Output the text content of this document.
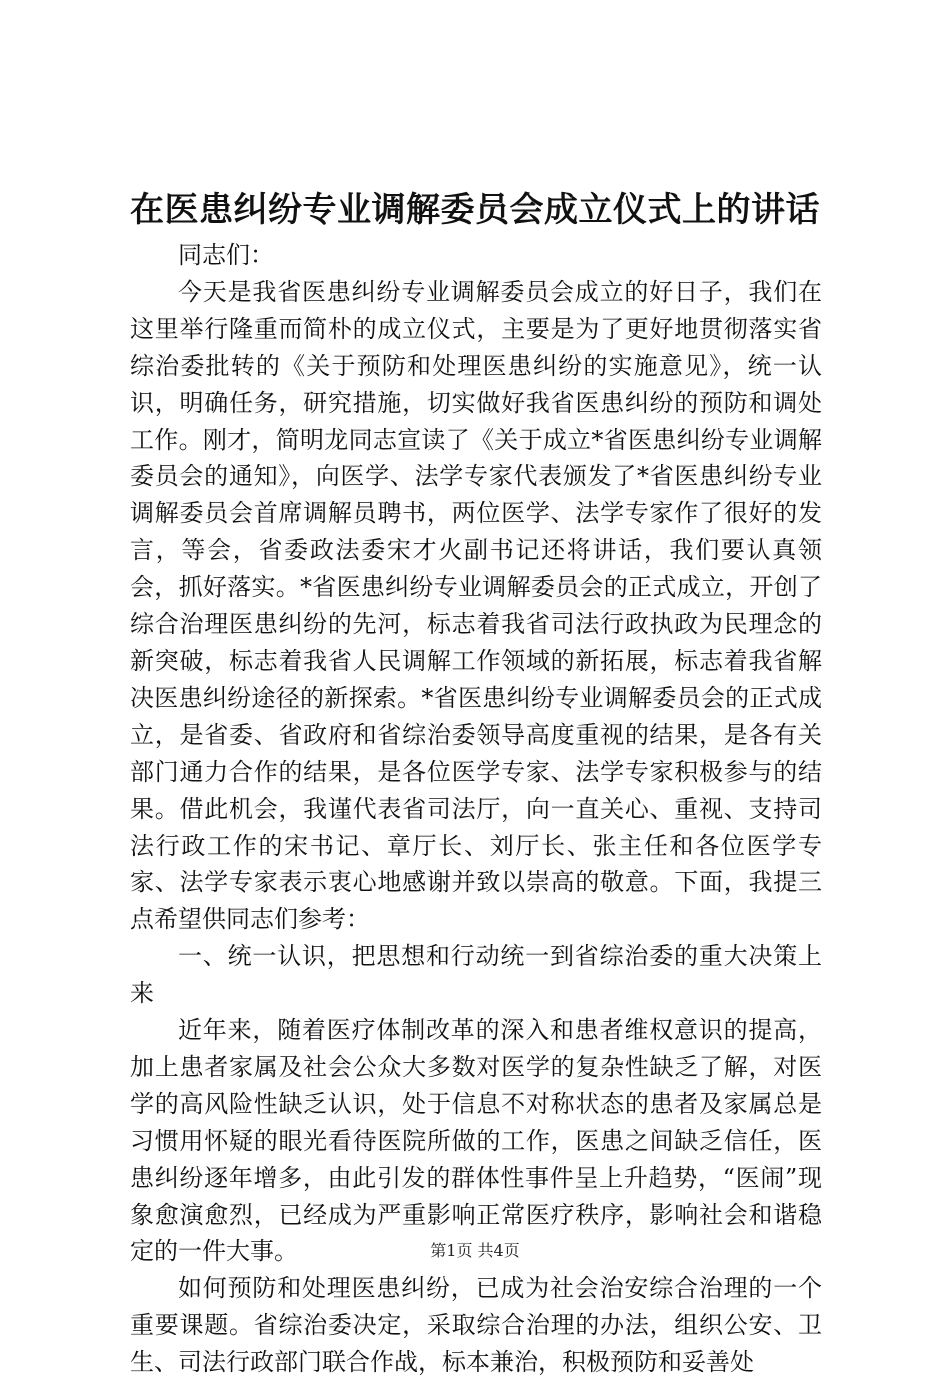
在医患纠纷专业调解委员会成立仪式上的讲话

同志们：

今天是我省医患纠纷专业调解委员会成立的好日子，我们在这里举行隆重而简朴的成立仪式，主要是为了更好地贯彻落实省综治委批转的《关于预防和处理医患纠纷的实施意见》，统一认识，明确任务，研究措施，切实做好我省医患纠纷的预防和调处工作。刚才，简明龙同志宣读了《关于成立*省医患纠纷专业调解委员会的通知》，向医学、法学专家代表颁发了*省医患纠纷专业调解委员会首席调解员聘书，两位医学、法学专家作了很好的发言，等会，省委政法委宋才火副书记还将讲话，我们要认真领会，抓好落实。*省医患纠纷专业调解委员会的正式成立，开创了综合治理医患纠纷的先河，标志着我省司法行政执政为民理念的新突破，标志着我省人民调解工作领域的新拓展，标志着我省解决医患纠纷途径的新探索。*省医患纠纷专业调解委员会的正式成立，是省委、省政府和省综治委领导高度重视的结果，是各有关部门通力合作的结果，是各位医学专家、法学专家积极参与的结果。借此机会，我谨代表省司法厅，向一直关心、重视、支持司法行政工作的宋书记、章厅长、刘厅长、张主任和各位医学专家、法学专家表示衷心地感谢并致以崇高的敬意。下面，我提三点希望供同志们参考：

一、统一认识，把思想和行动统一到省综治委的重大决策上来

近年来，随着医疗体制改革的深入和患者维权意识的提高，加上患者家属及社会公众大多数对医学的复杂性缺乏了解，对医学的高风险性缺乏认识，处于信息不对称状态的患者及家属总是习惯用怀疑的眼光看待医院所做的工作，医患之间缺乏信任，医患纠纷逐年增多，由此引发的群体性事件呈上升趋势，“医闹”现象愈演愈烈，已经成为严重影响正常医疗秩序，影响社会和谐稳定的一件大事。

如何预防和处理医患纠纷，已成为社会治安综合治理的一个重要课题。省综治委决定，采取综合治理的办法，组织公安、卫生、司法行政部门联合作战，标本兼治，积极预防和妥善处

第1页 共4页
